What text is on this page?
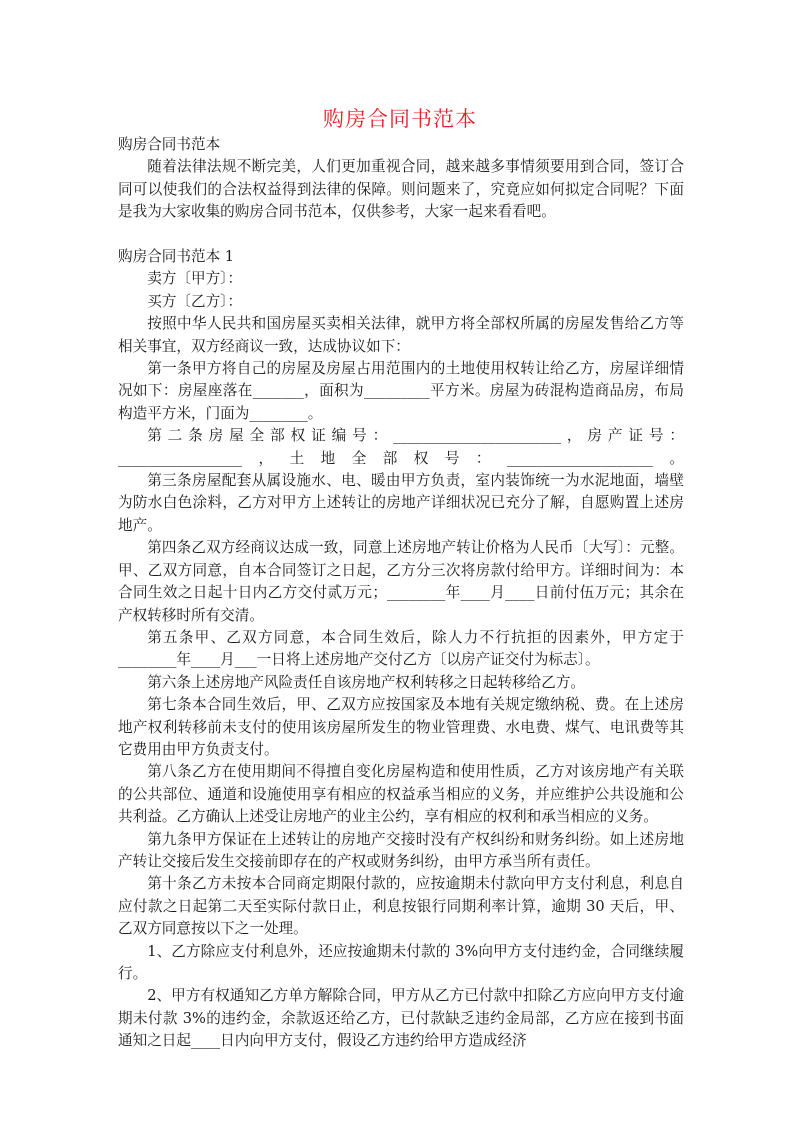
购房合同书范本

购房合同书范本

随着法律法规不断完美，人们更加重视合同，越来越多事情须要用到合同，签订合同可以使我们的合法权益得到法律的保障。则问题来了，究竟应如何拟定合同呢？下面是我为大家收集的购房合同书范本，仅供参考，大家一起来看看吧。

购房合同书范本 1

卖方〔甲方〕：

买方〔乙方〕：

按照中华人民共和国房屋买卖相关法律，就甲方将全部权所属的房屋发售给乙方等相关事宜，双方经商议一致，达成协议如下：

第一条甲方将自己的房屋及房屋占用范围内的土地使用权转让给乙方，房屋详细情况如下：房屋座落在_______，面积为_________平方米。房屋为砖混构造商品房，布局构造平方米，门面为________。

第二条房屋全部权证编号：_______________________，房产证号：_________________，土地全部权号：____________________。

第三条房屋配套从属设施水、电、暖由甲方负责，室内装饰统一为水泥地面，墙壁为防水白色涂料，乙方对甲方上述转让的房地产详细状况已充分了解，自愿购置上述房地产。

第四条乙双方经商议达成一致，同意上述房地产转让价格为人民币〔大写〕：元整。甲、乙双方同意，自本合同签订之日起，乙方分三次将房款付给甲方。详细时间为：本合同生效之日起十日内乙方交付贰万元；________年____月____日前付伍万元；其余在产权转移时所有交清。

第五条甲、乙双方同意，本合同生效后，除人力不行抗拒的因素外，甲方定于________年____月___一日将上述房地产交付乙方〔以房产证交付为标志〕。

第六条上述房地产风险责任自该房地产权利转移之日起转移给乙方。

第七条本合同生效后，甲、乙双方应按国家及本地有关规定缴纳税、费。在上述房地产权利转移前未支付的使用该房屋所发生的物业管理费、水电费、煤气、电讯费等其它费用由甲方负责支付。

第八条乙方在使用期间不得擅自变化房屋构造和使用性质，乙方对该房地产有关联的公共部位、通道和设施使用享有相应的权益承当相应的义务，并应维护公共设施和公共利益。乙方确认上述受让房地产的业主公约，享有相应的权利和承当相应的义务。

第九条甲方保证在上述转让的房地产交接时没有产权纠纷和财务纠纷。如上述房地产转让交接后发生交接前即存在的产权或财务纠纷，由甲方承当所有责任。

第十条乙方未按本合同商定期限付款的，应按逾期未付款向甲方支付利息，利息自应付款之日起第二天至实际付款日止，利息按银行同期利率计算，逾期 30 天后，甲、乙双方同意按以下之一处理。

1、乙方除应支付利息外，还应按逾期未付款的 3%向甲方支付违约金，合同继续履行。

2、甲方有权通知乙方单方解除合同，甲方从乙方已付款中扣除乙方应向甲方支付逾期未付款 3%的违约金，余款返还给乙方，已付款缺乏违约金局部，乙方应在接到书面通知之日起____日内向甲方支付，假设乙方违约给甲方造成经济
